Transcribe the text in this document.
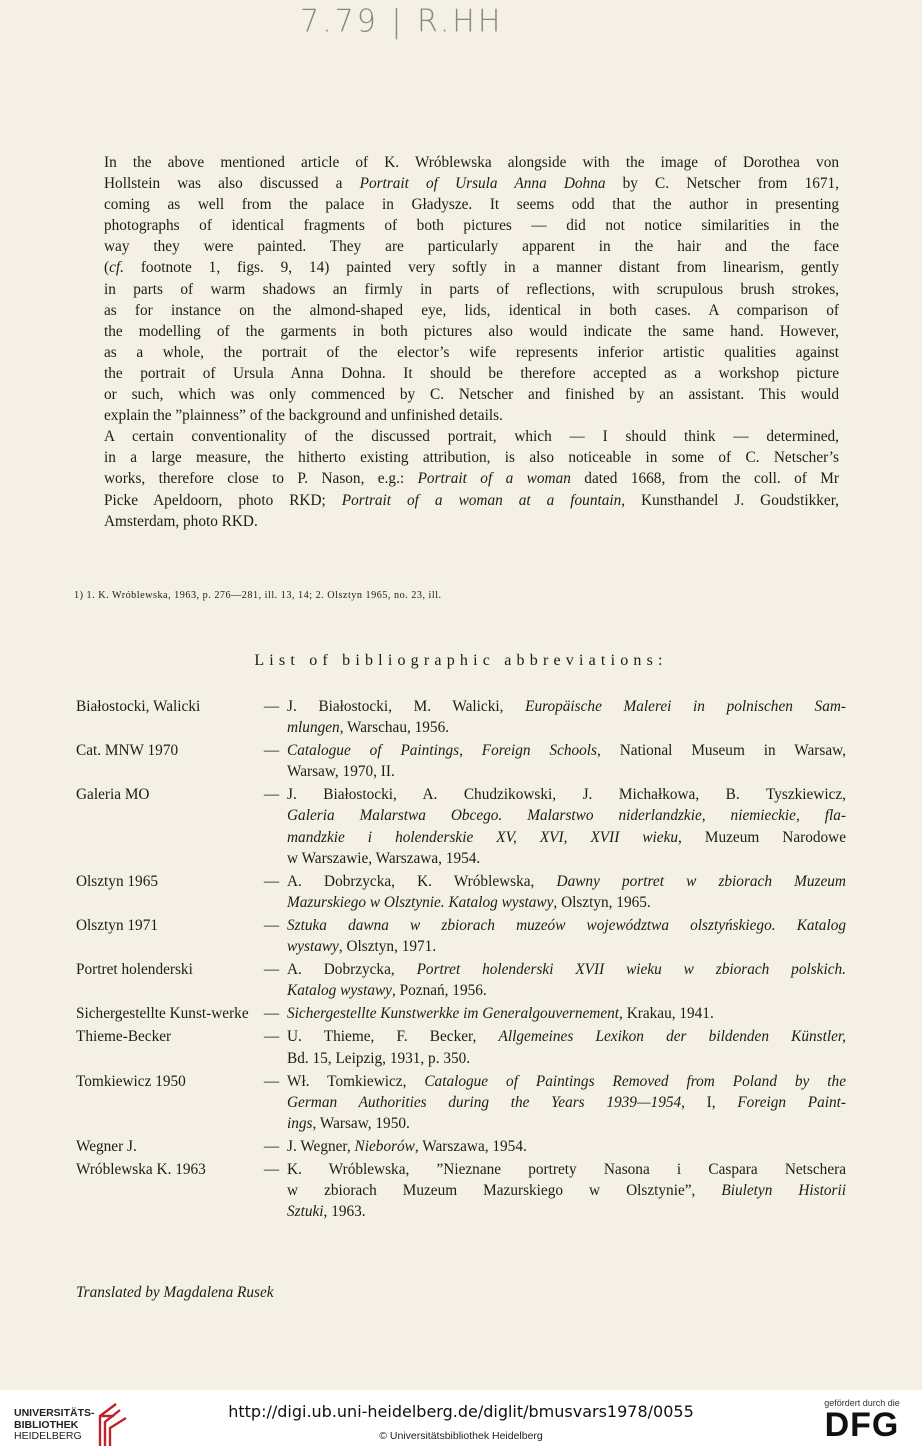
7.79 | R.HH
In the above mentioned article of K. Wróblewska alongside with the image of Dorothea von
Hollstein was also discussed a Portrait of Ursula Anna Dohna by C. Netscher from 1671,
coming as well from the palace in Gładysze. It seems odd that the author in presenting
photographs of identical fragments of both pictures — did not notice similarities in the
way they were painted. They are particularly apparent in the hair and the face
(cf. footnote 1, figs. 9, 14) painted very softly in a manner distant from linearism, gently
in parts of warm shadows an firmly in parts of reflections, with scrupulous brush strokes,
as for instance on the almond-shaped eye, lids, identical in both cases. A comparison of
the modelling of the garments in both pictures also would indicate the same hand. However,
as a whole, the portrait of the elector’s wife represents inferior artistic qualities against
the portrait of Ursula Anna Dohna. It should be therefore accepted as a workshop picture
or such, which was only commenced by C. Netscher and finished by an assistant. This would
explain the ”plainness” of the background and unfinished details.
A certain conventionality of the discussed portrait, which — I should think — determined,
in a large measure, the hitherto existing attribution, is also noticeable in some of C. Netscher’s
works, therefore close to P. Nason, e.g.: Portrait of a woman dated 1668, from the coll. of Mr
Picke Apeldoorn, photo RKD; Portrait of a woman at a fountain, Kunsthandel J. Goudstikker,
Amsterdam, photo RKD.
1) 1. K. Wróblewska, 1963, p. 276—281, ill. 13, 14; 2. Olsztyn 1965, no. 23, ill.
List of bibliographic abbreviations:
Białostocki, Walicki	— J. Białostocki, M. Walicki, Europäische Malerei in polnischen Sam-
mlungen, Warschau, 1956.
Cat. MNW 1970	— Catalogue of Paintings, Foreign Schools, National Museum in Warsaw,
Warsaw, 1970, II.
Galeria MO	— J. Białostocki, A. Chudzikowski, J. Michałkowa, B. Tyszkiewicz,
Galeria Malarstwa Obcego. Malarstwo niderlandzkie, niemieckie, fla-
mandzkie i holenderskie XV, XVI, XVII wieku, Muzeum Narodowe
w Warszawie, Warszawa, 1954.
Olsztyn 1965	— A. Dobrzycka, K. Wróblewska, Dawny portret w zbiorach Muzeum
Mazurskiego w Olsztynie. Katalog wystawy, Olsztyn, 1965.
Olsztyn 1971	— Sztuka dawna w zbiorach muzeów województwa olsztyńskiego. Katalog
wystawy, Olsztyn, 1971.
Portret holenderski	— A. Dobrzycka, Portret holenderski XVII wieku w zbiorach polskich.
Katalog wystawy, Poznań, 1956.
Sichergestellte Kunst-werke — Sichergestellte Kunstwerkke im Generalgouvernement, Krakau, 1941.
Thieme-Becker	— U. Thieme, F. Becker, Allgemeines Lexikon der bildenden Künstler,
Bd. 15, Leipzig, 1931, p. 350.
Tomkiewicz 1950	— Wł. Tomkiewicz, Catalogue of Paintings Removed from Poland by the
German Authorities during the Years 1939—1954, I, Foreign Paint-
ings, Warsaw, 1950.
Wegner J.	— J. Wegner, Nieborów, Warszawa, 1954.
Wróblewska K. 1963	— K. Wróblewska, ”Nieznane portrety Nasona i Caspara Netschera
w zbiorach Muzeum Mazurskiego w Olsztynie”, Biuletyn Historii
Sztuki, 1963.
Translated by Magdalena Rusek
UNIVERSITÄTS-
BIBLIOTHEK
HEIDELBERG
http://digi.ub.uni-heidelberg.de/diglit/bmusvars1978/0055
© Universitätsbibliothek Heidelberg
gefördert durch die
DFG
